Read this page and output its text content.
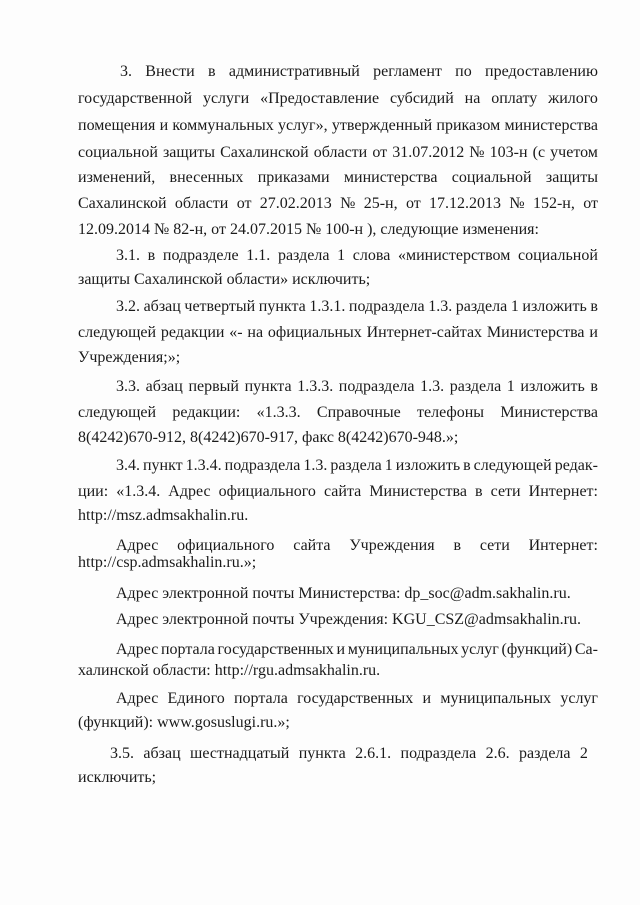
3. Внести в административный регламент по предоставлению
государственной услуги «Предоставление субсидий на оплату жилого
помещения и коммунальных услуг», утвержденный приказом министерства
социальной защиты Сахалинской области от 31.07.2012 № 103-н (с учетом
изменений, внесенных приказами министерства социальной защиты
Сахалинской области от 27.02.2013 № 25-н, от 17.12.2013 № 152-н, от
12.09.2014 № 82-н, от 24.07.2015 № 100-н ), следующие изменения:
3.1. в подразделе 1.1. раздела 1 слова «министерством социальной
защиты Сахалинской области» исключить;
3.2. абзац четвертый пункта 1.3.1. подраздела 1.3. раздела 1 изложить в
следующей редакции «- на официальных Интернет-сайтах Министерства и
Учреждения;»;
3.3. абзац первый пункта 1.3.3. подраздела 1.3. раздела 1 изложить в
следующей редакции: «1.3.3. Справочные телефоны Министерства
8(4242)670-912, 8(4242)670-917, факс 8(4242)670-948.»;
3.4. пункт 1.3.4. подраздела 1.3. раздела 1 изложить в следующей редак-
ции: «1.3.4. Адрес официального сайта Министерства в сети Интернет:
http://msz.admsakhalin.ru.
Адрес официального сайта Учреждения в сети Интернет:
http://csp.admsakhalin.ru.»;
Адрес электронной почты Министерства: dp_soc@adm.sakhalin.ru.
Адрес электронной почты Учреждения: KGU_CSZ@admsakhalin.ru.
Адрес портала государственных и муниципальных услуг (функций) Са-
халинской области: http://rgu.admsakhalin.ru.
Адрес Единого портала государственных и муниципальных услуг
(функций): www.gosuslugi.ru.»;
3.5. абзац шестнадцатый пункта 2.6.1. подраздела 2.6. раздела 2
исключить;
